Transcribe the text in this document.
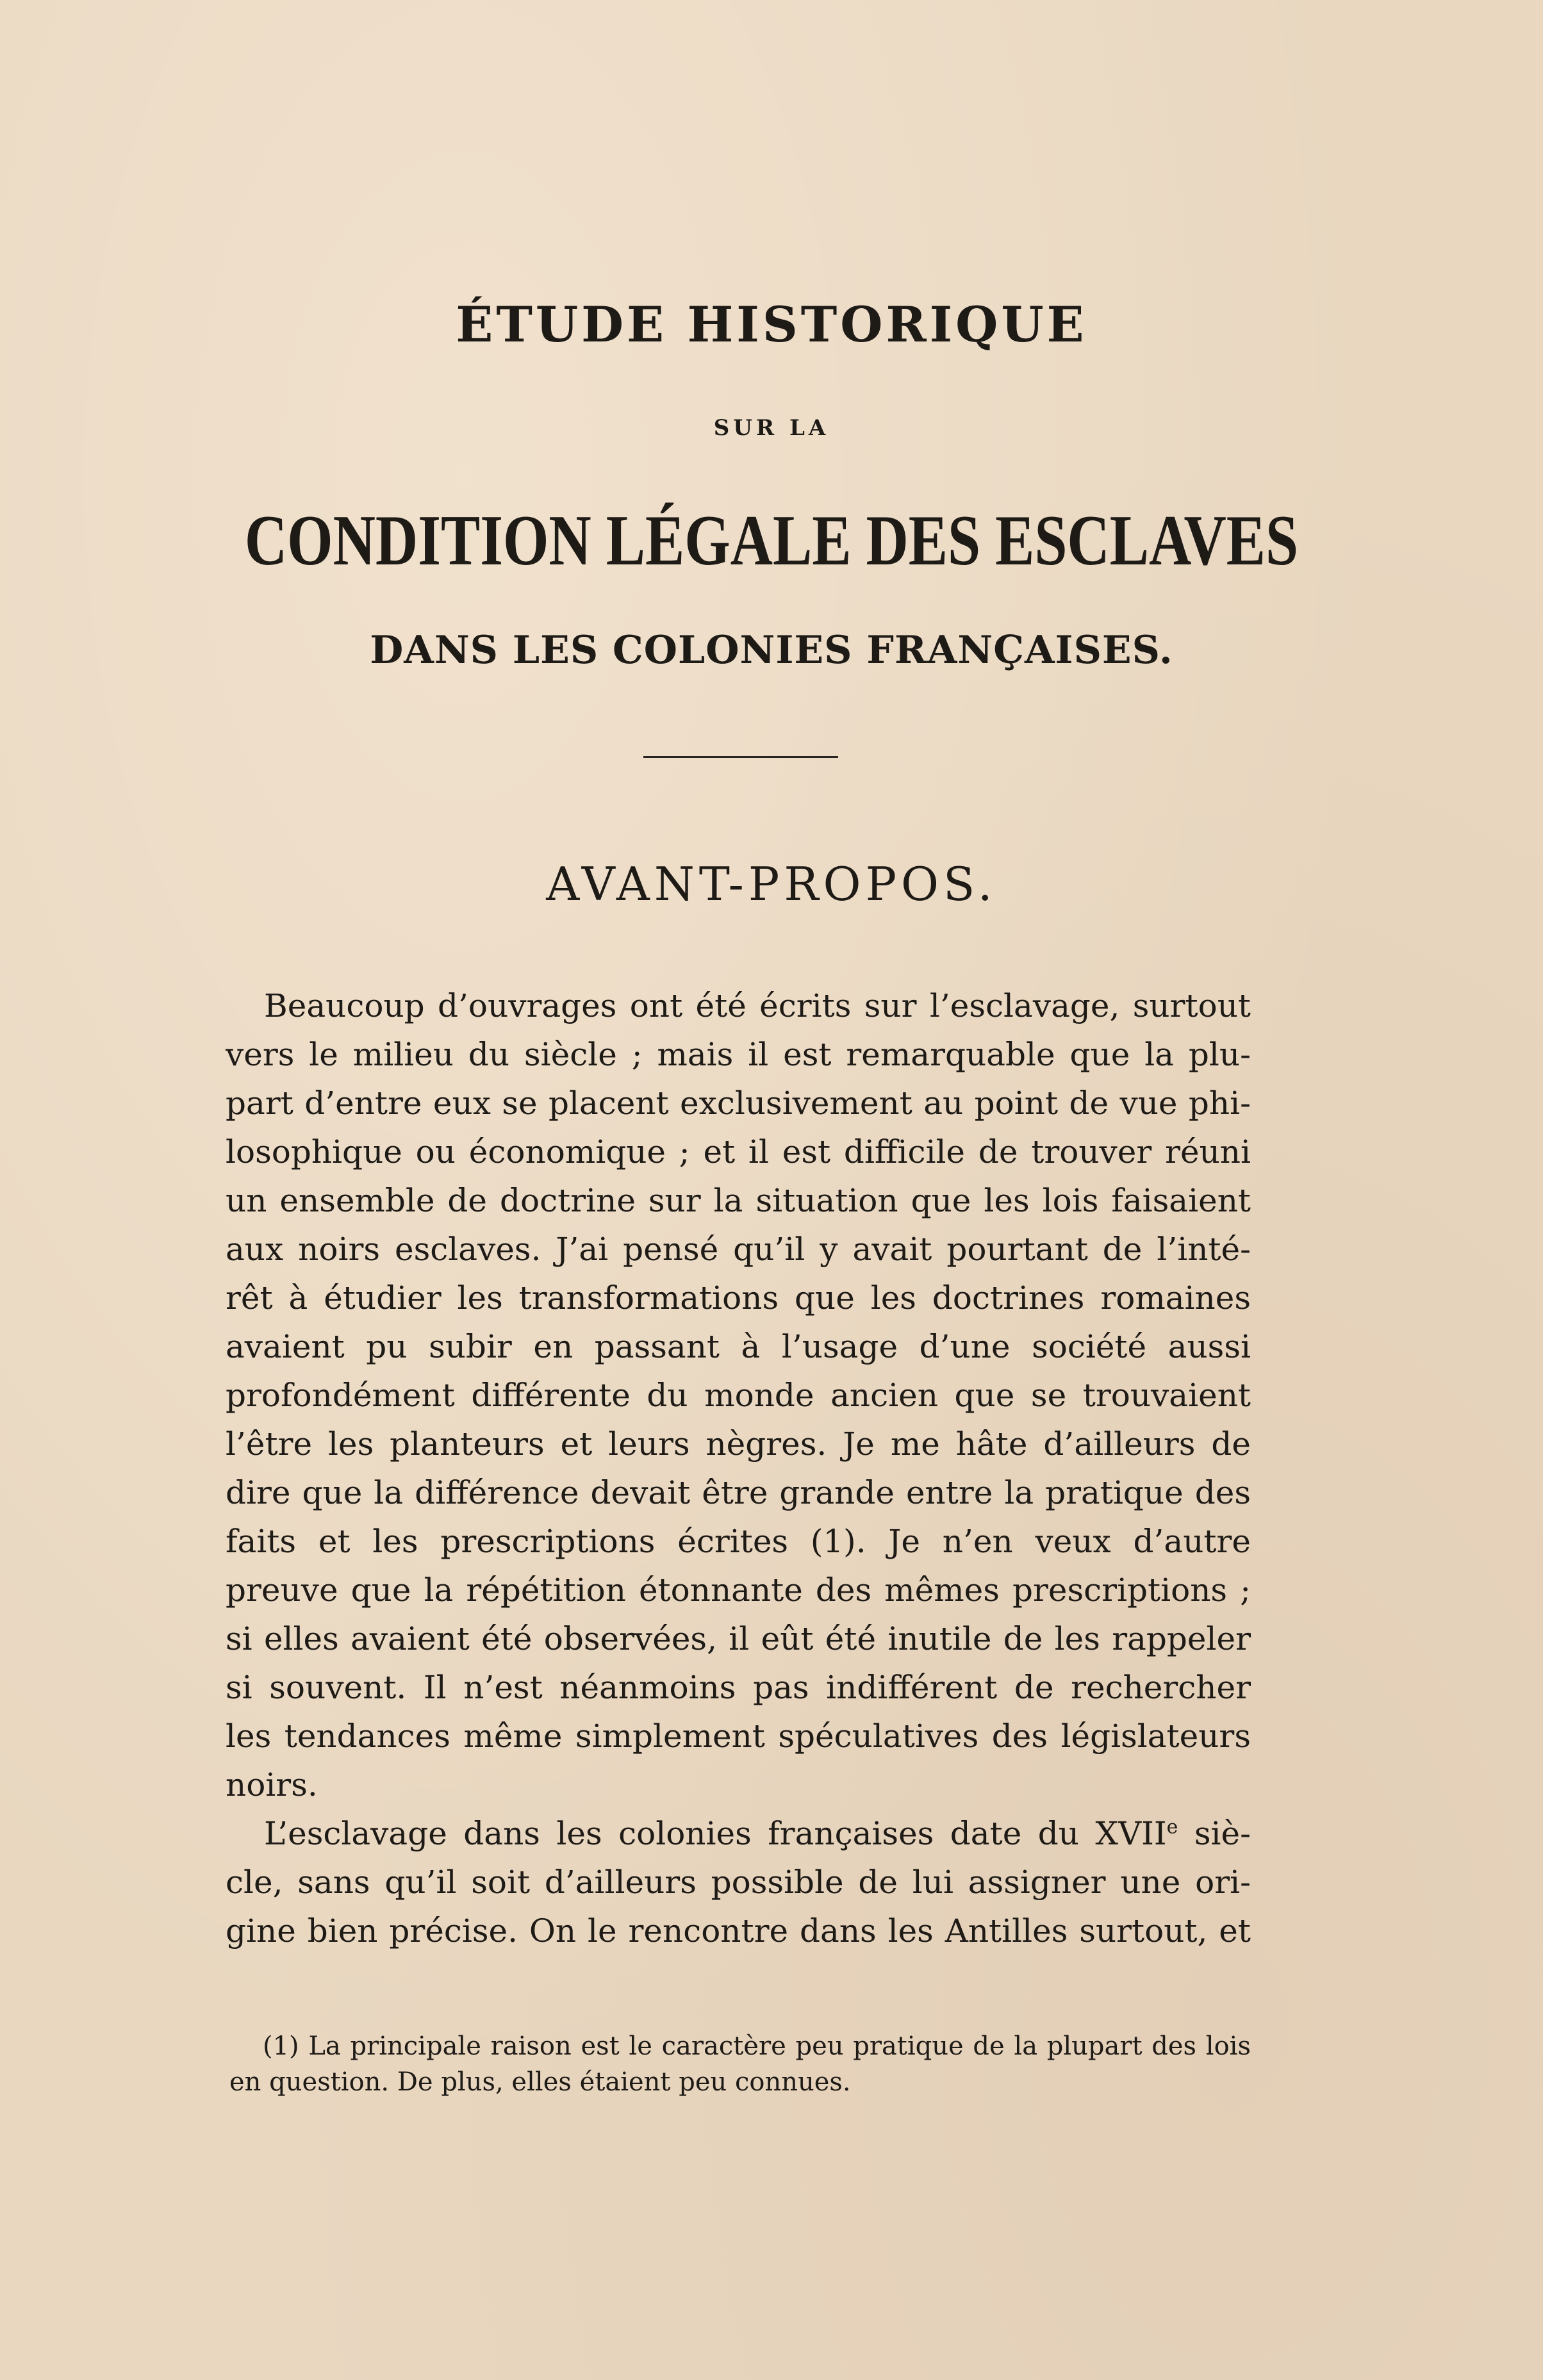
ÉTUDE HISTORIQUE
SUR LA
CONDITION LÉGALE DES ESCLAVES
DANS LES COLONIES FRANÇAISES.
AVANT-PROPOS.
Beaucoup d’ouvrages ont été écrits sur l’esclavage, surtout
vers le milieu du siècle ; mais il est remarquable que la plu-
part d’entre eux se placent exclusivement au point de vue phi-
losophique ou économique ; et il est difficile de trouver réuni
un ensemble de doctrine sur la situation que les lois faisaient
aux noirs esclaves. J’ai pensé qu’il y avait pourtant de l’inté-
rêt à étudier les transformations que les doctrines romaines
avaient pu subir en passant à l’usage d’une société aussi
profondément différente du monde ancien que se trouvaient
l’être les planteurs et leurs nègres. Je me hâte d’ailleurs de
dire que la différence devait être grande entre la pratique des
faits et les prescriptions écrites (1). Je n’en veux d’autre
preuve que la répétition étonnante des mêmes prescriptions ;
si elles avaient été observées, il eût été inutile de les rappeler
si souvent. Il n’est néanmoins pas indifférent de rechercher
les tendances même simplement spéculatives des législateurs
noirs.
L’esclavage dans les colonies françaises date du XVIIe siè-
cle, sans qu’il soit d’ailleurs possible de lui assigner une ori-
gine bien précise. On le rencontre dans les Antilles surtout, et
(1) La principale raison est le caractère peu pratique de la plupart des lois
en question. De plus, elles étaient peu connues.
